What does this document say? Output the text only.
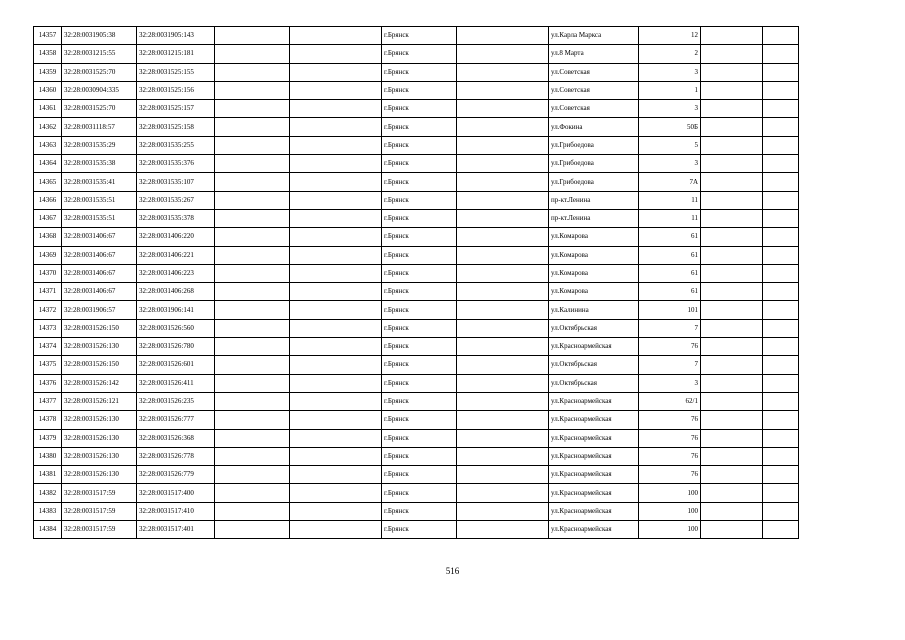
14357	32:28:0031905:38	32:28:0031905:143			г.Брянск		ул.Карла Маркса	12		
14358	32:28:0031215:55	32:28:0031215:181			г.Брянск		ул.8 Марта	2		
14359	32:28:0031525:70	32:28:0031525:155			г.Брянск		ул.Советская	3		
14360	32:28:0030904:335	32:28:0031525:156			г.Брянск		ул.Советская	1		
14361	32:28:0031525:70	32:28:0031525:157			г.Брянск		ул.Советская	3		
14362	32:28:0031118:57	32:28:0031525:158			г.Брянск		ул.Фокина	50Б		
14363	32:28:0031535:29	32:28:0031535:255			г.Брянск		ул.Грибоедова	5		
14364	32:28:0031535:38	32:28:0031535:376			г.Брянск		ул.Грибоедова	3		
14365	32:28:0031535:41	32:28:0031535:107			г.Брянск		ул.Грибоедова	7А		
14366	32:28:0031535:51	32:28:0031535:267			г.Брянск		пр-кт.Ленина	11		
14367	32:28:0031535:51	32:28:0031535:378			г.Брянск		пр-кт.Ленина	11		
14368	32:28:0031406:67	32:28:0031406:220			г.Брянск		ул.Комарова	61		
14369	32:28:0031406:67	32:28:0031406:221			г.Брянск		ул.Комарова	61		
14370	32:28:0031406:67	32:28:0031406:223			г.Брянск		ул.Комарова	61		
14371	32:28:0031406:67	32:28:0031406:268			г.Брянск		ул.Комарова	61		
14372	32:28:0031906:57	32:28:0031906:141			г.Брянск		ул.Калинина	101		
14373	32:28:0031526:150	32:28:0031526:560			г.Брянск		ул.Октябрьская	7		
14374	32:28:0031526:130	32:28:0031526:780			г.Брянск		ул.Красноармейская	76		
14375	32:28:0031526:150	32:28:0031526:601			г.Брянск		ул.Октябрьская	7		
14376	32:28:0031526:142	32:28:0031526:411			г.Брянск		ул.Октябрьская	3		
14377	32:28:0031526:121	32:28:0031526:235			г.Брянск		ул.Красноармейская	62/1		
14378	32:28:0031526:130	32:28:0031526:777			г.Брянск		ул.Красноармейская	76		
14379	32:28:0031526:130	32:28:0031526:368			г.Брянск		ул.Красноармейская	76		
14380	32:28:0031526:130	32:28:0031526:778			г.Брянск		ул.Красноармейская	76		
14381	32:28:0031526:130	32:28:0031526:779			г.Брянск		ул.Красноармейская	76		
14382	32:28:0031517:59	32:28:0031517:400			г.Брянск		ул.Красноармейская	100		
14383	32:28:0031517:59	32:28:0031517:410			г.Брянск		ул.Красноармейская	100		
14384	32:28:0031517:59	32:28:0031517:401			г.Брянск		ул.Красноармейская	100		
516
